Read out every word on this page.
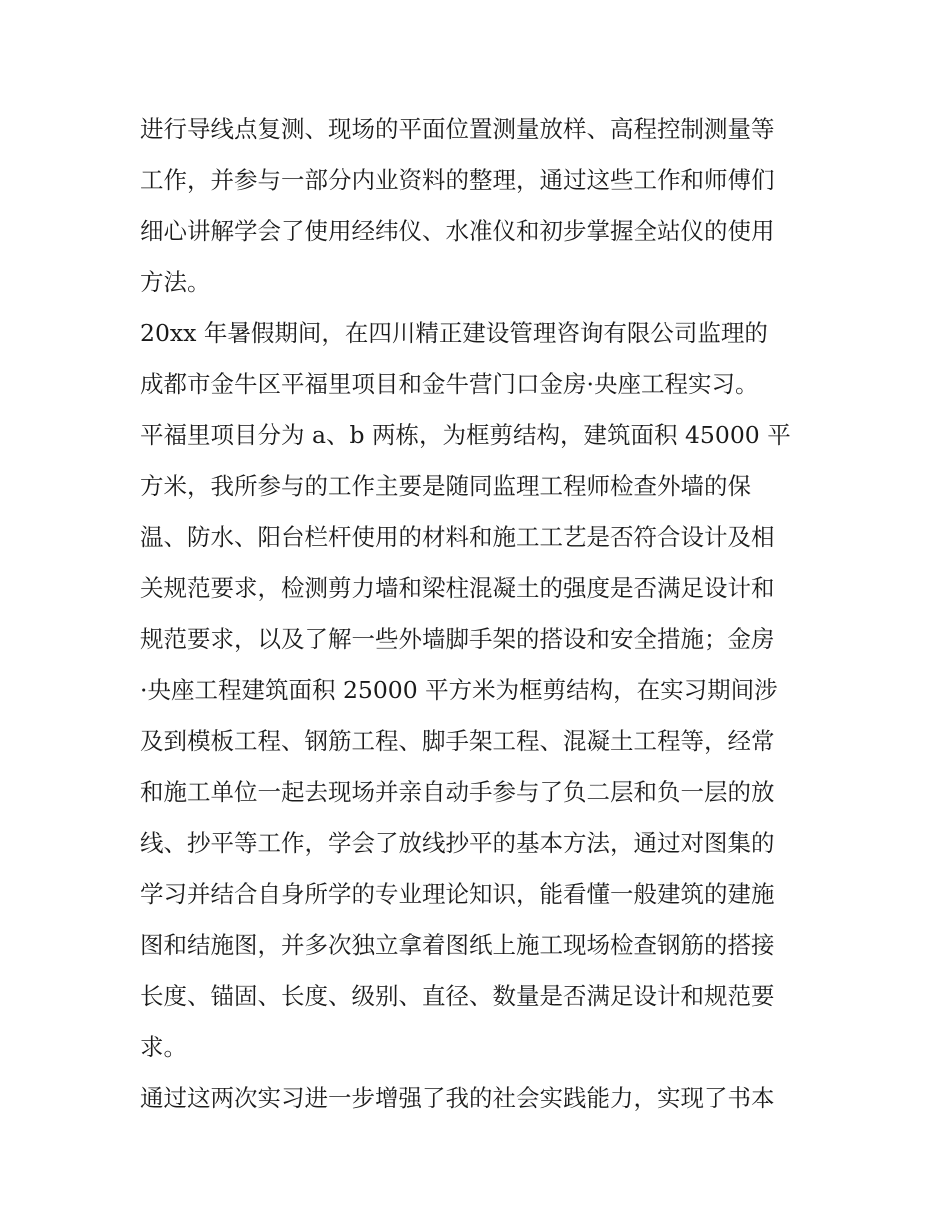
进行导线点复测、现场的平面位置测量放样、高程控制测量等
工作，并参与一部分内业资料的整理，通过这些工作和师傅们
细心讲解学会了使用经纬仪、水准仪和初步掌握全站仪的使用
方法。

20xx 年暑假期间，在四川精正建设管理咨询有限公司监理的
成都市金牛区平福里项目和金牛营门口金房·央座工程实习。
平福里项目分为 a、b 两栋，为框剪结构，建筑面积 45000 平
方米，我所参与的工作主要是随同监理工程师检查外墙的保
温、防水、阳台栏杆使用的材料和施工工艺是否符合设计及相
关规范要求，检测剪力墙和梁柱混凝土的强度是否满足设计和
规范要求，以及了解一些外墙脚手架的搭设和安全措施；金房
·央座工程建筑面积 25000 平方米为框剪结构，在实习期间涉
及到模板工程、钢筋工程、脚手架工程、混凝土工程等，经常
和施工单位一起去现场并亲自动手参与了负二层和负一层的放
线、抄平等工作，学会了放线抄平的基本方法，通过对图集的
学习并结合自身所学的专业理论知识，能看懂一般建筑的建施
图和结施图，并多次独立拿着图纸上施工现场检查钢筋的搭接
长度、锚固、长度、级别、直径、数量是否满足设计和规范要
求。

通过这两次实习进一步增强了我的社会实践能力，实现了书本
